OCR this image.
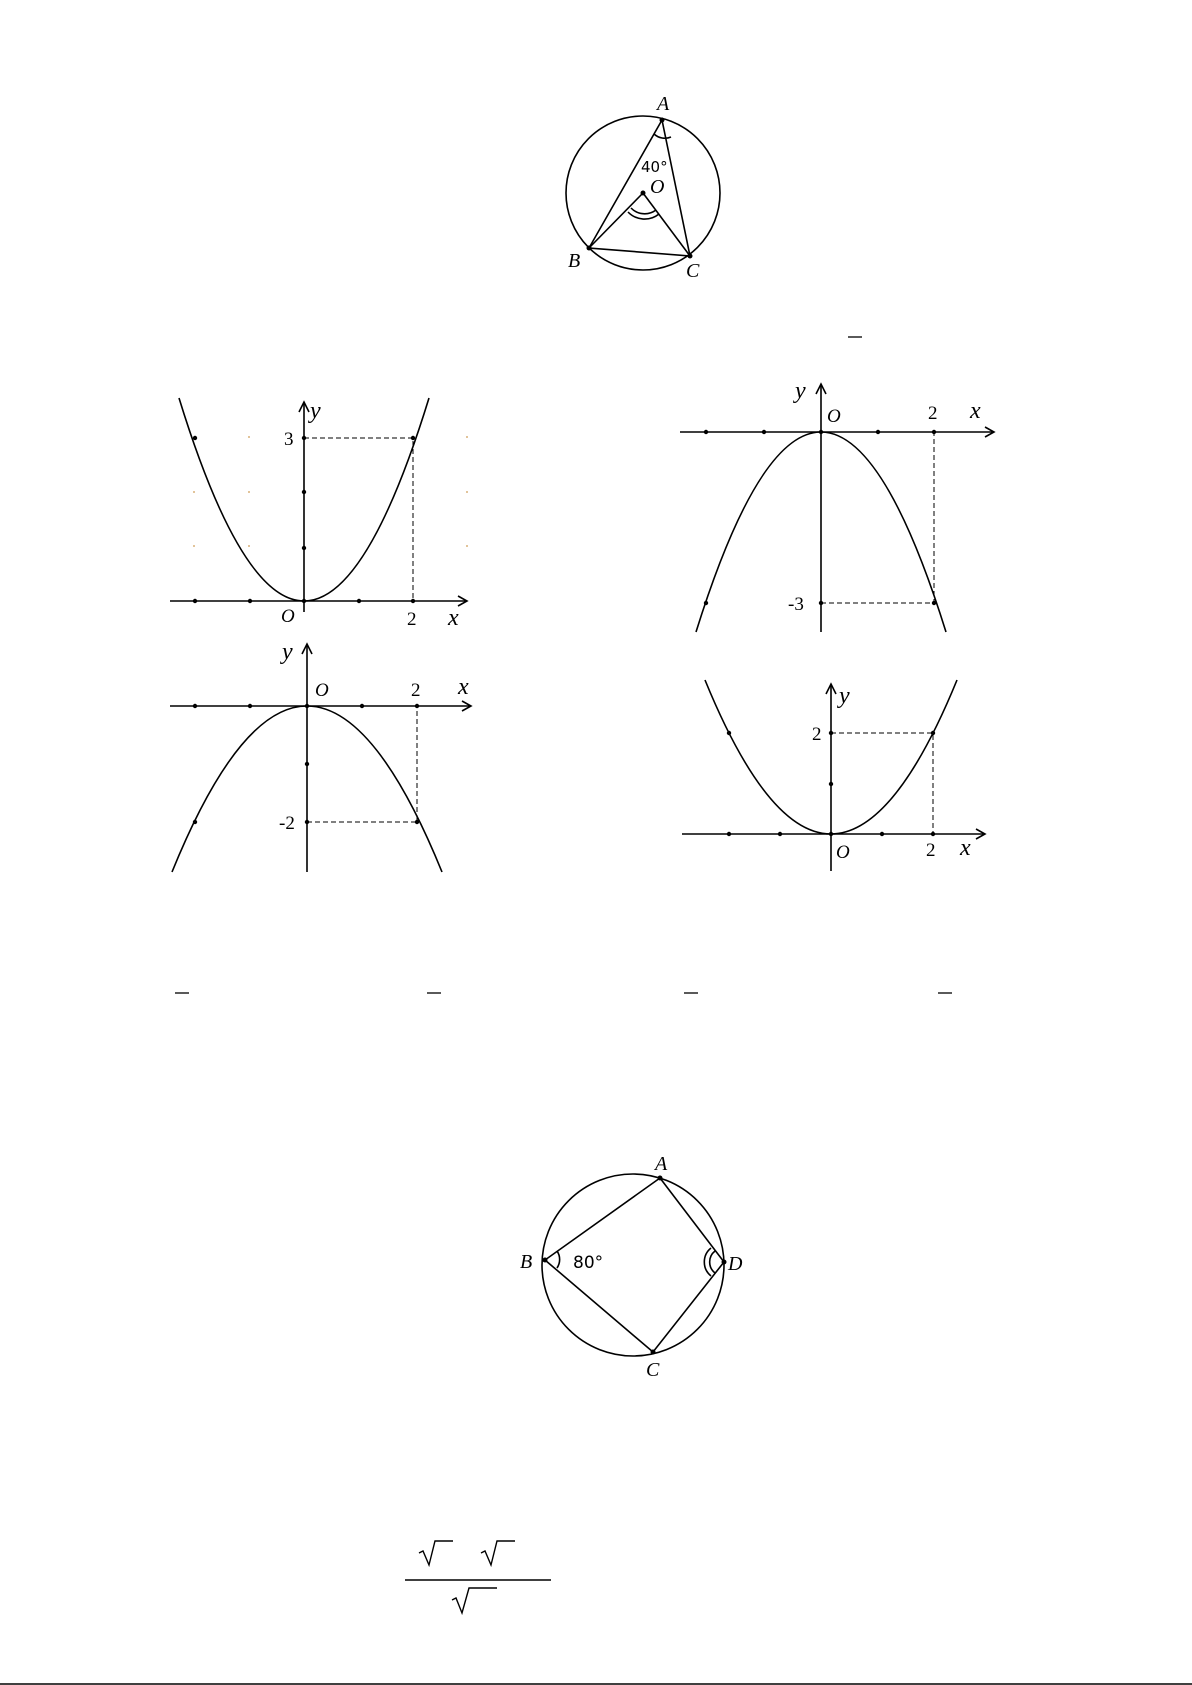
A
B	C
O
40°
y
x
O	2
3
y
x
O	2
-3
y
x
O	2
-2
y
x
O	2
2
A
B
C
D
80°
